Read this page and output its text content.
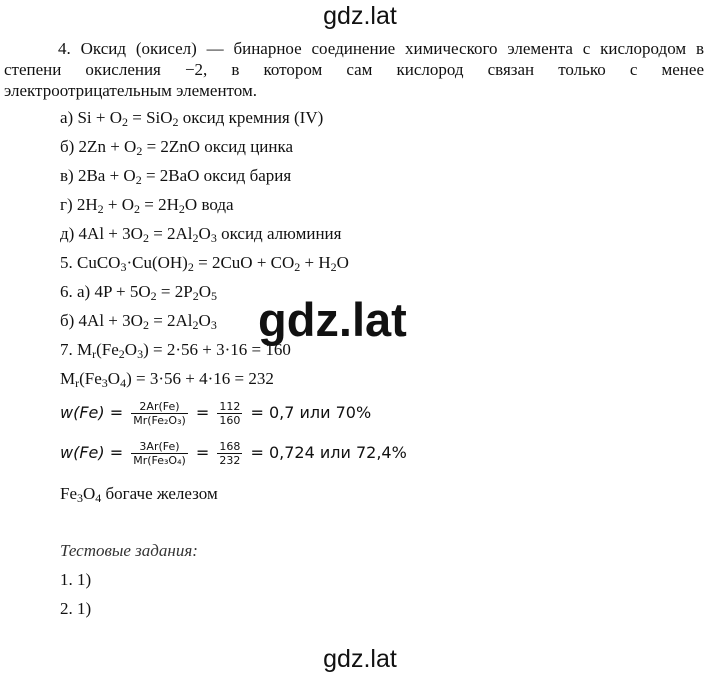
gdz.lat
4. Оксид (окисел) — бинарное соединение химического элемента с кислородом в
степени окисления −2, в котором сам кислород связан только с менее
электроотрицательным элементом.
а) $Si + O_2 = SiO_2$ оксид кремния (IV)
б) $2Zn + O_2 = 2ZnO$ оксид цинка
в) $2Ba + O_2 = 2BaO$ оксид бария
г) $2H_2 + O_2 = 2H_2O$ вода
д) $4Al + 3O_2 = 2Al_2O_3$ оксид алюминия
5. $CuCO_3\cdot Cu(OH)_2 = 2CuO + CO_2 + H_2O$
6. а) $4P + 5O_2 = 2P_2O_5$
б) $4Al + 3O_2 = 2Al_2O_3$
7. $M_r(Fe_2O_3) = 2\cdot 56 + 3\cdot 16 = 160$
gdz.lat
$M_r(Fe_3O_4) = 3\cdot 56 + 4\cdot 16 = 232$
$w(Fe) = \frac{2Ar(Fe)}{\text{Mr(Fe₂O₃)}} = \frac{112}{160} = 0,7$ или 70%
$w(Fe) = \frac{3Ar(Fe)}{\text{Mr(Fe₃O₄)}} = \frac{168}{232} = 0,724$ или 72,4%
$Fe_3O_4$ богаче железом
Тестовые задания:
1. 1)
2. 1)
gdz.lat
